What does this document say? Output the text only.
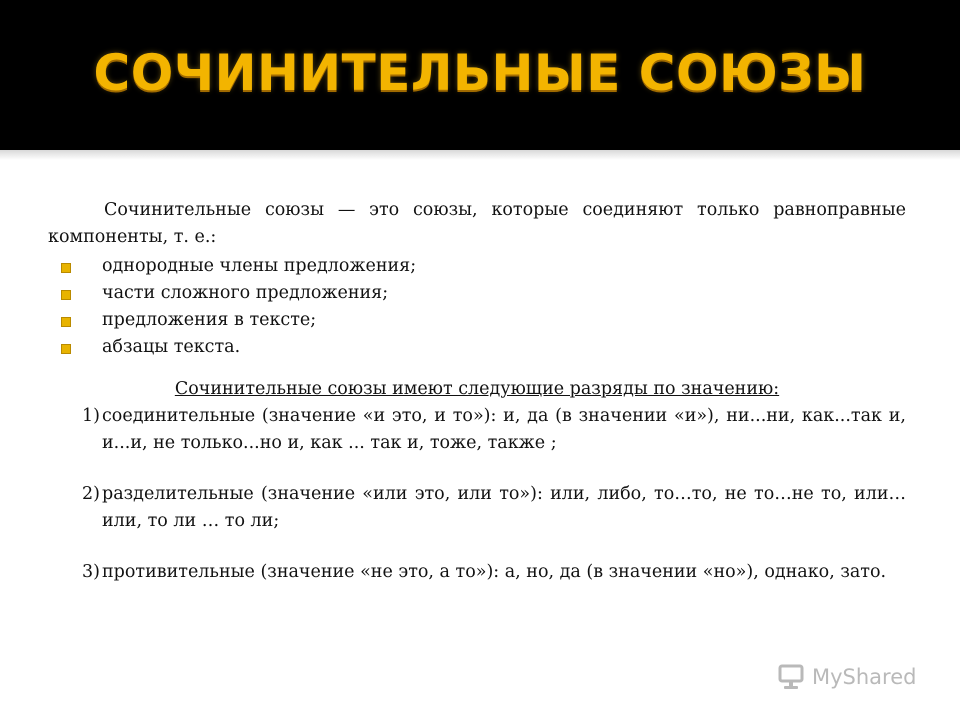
СОЧИНИТЕЛЬНЫЕ СОЮЗЫ

Сочинительные союзы — это союзы, которые соединяют только равноправные компоненты, т. е.:

однородные члены предложения;
части сложного предложения;
предложения в тексте;
абзацы текста.

Сочинительные союзы имеют следующие разряды по значению:

1) соединительные (значение «и это, и то»): и, да (в значении «и»), ни...ни, как...так и, и...и, не только...но и, как ... так и, тоже, также ;

2) разделительные (значение «или это, или то»): или, либо, то…то, не то…не то, или…или, то ли … то ли;

3) противительные (значение «не это, а то»): а, но, да (в значении «но»), однако, зато.

MyShared
